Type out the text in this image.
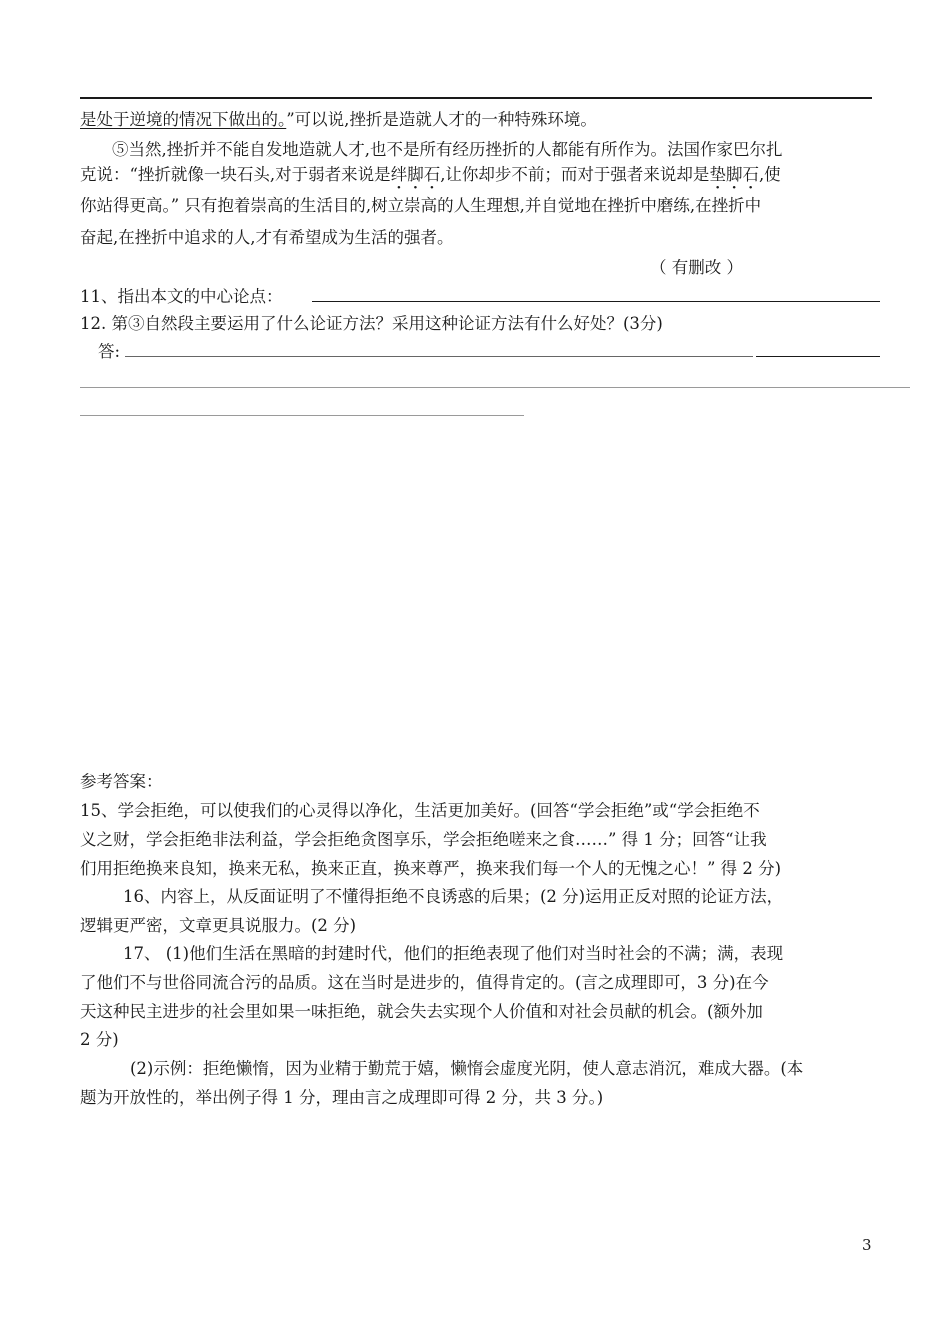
是处于逆境的情况下做出的。”可以说,挫折是造就人才的一种特殊环境。
⑤当然,挫折并不能自发地造就人才,也不是所有经历挫折的人都能有所作为。法国作家巴尔扎
克说：“挫折就像一块石头,对于弱者来说是绊脚石,让你却步不前；而对于强者来说却是垫脚石,使
你站得更高。” 只有抱着崇高的生活目的,树立崇高的人生理想,并自觉地在挫折中磨练,在挫折中
奋起,在挫折中追求的人,才有希望成为生活的强者。
（ 有删改 ）
11、指出本文的中心论点：
12. 第③自然段主要运用了什么论证方法？采用这种论证方法有什么好处？(3分)
答:
参考答案：
15、学会拒绝，可以使我们的心灵得以净化，生活更加美好。(回答“学会拒绝”或“学会拒绝不
义之财，学会拒绝非法利益，学会拒绝贪图享乐，学会拒绝嗟来之食……” 得 1 分；回答“让我
们用拒绝换来良知，换来无私，换来正直，换来尊严，换来我们每一个人的无愧之心！” 得 2 分)
16、内容上，从反面证明了不懂得拒绝不良诱惑的后果；(2 分)运用正反对照的论证方法，
逻辑更严密，文章更具说服力。(2 分)
17、 (1)他们生活在黑暗的封建时代，他们的拒绝表现了他们对当时社会的不满；满，表现
了他们不与世俗同流合污的品质。这在当时是进步的，值得肯定的。(言之成理即可，3 分)在今
天这种民主进步的社会里如果一味拒绝，就会失去实现个人价值和对社会员献的机会。(额外加
2 分)
(2)示例：拒绝懒惰，因为业精于勤荒于嬉，懒惰会虚度光阴，使人意志消沉，难成大器。(本
题为开放性的，举出例子得 1 分，理由言之成理即可得 2 分，共 3 分。)
3
